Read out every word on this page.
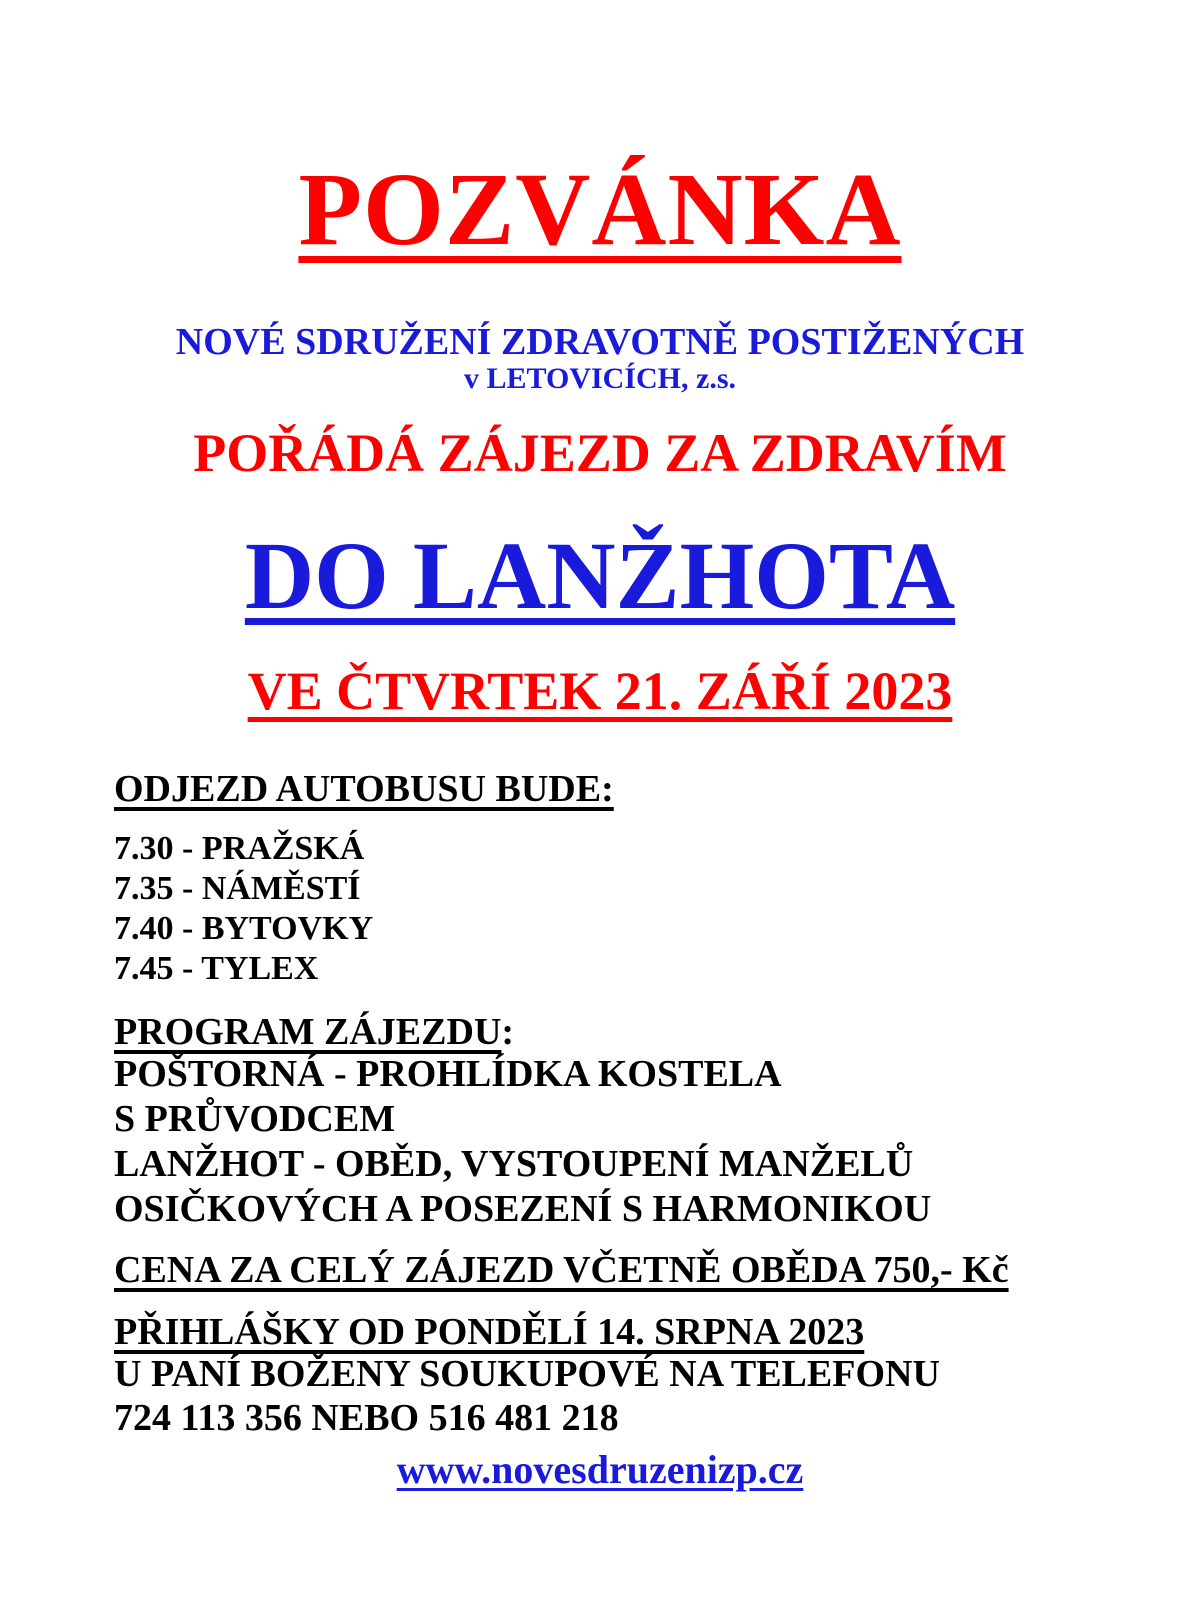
POZVÁNKA
NOVÉ SDRUŽENÍ ZDRAVOTNĚ POSTIŽENÝCH
v LETOVICÍCH, z.s.
POŘÁDÁ ZÁJEZD ZA ZDRAVÍM
DO LANŽHOTA
VE ČTVRTEK 21. ZÁŘÍ 2023
ODJEZD AUTOBUSU BUDE:
7.30 - PRAŽSKÁ
7.35 - NÁMĚSTÍ
7.40 - BYTOVKY
7.45 - TYLEX
PROGRAM ZÁJEZDU:
POŠTORNÁ - PROHLÍDKA KOSTELA
S PRŮVODCEM
LANŽHOT - OBĚD, VYSTOUPENÍ MANŽELŮ
OSIČKOVÝCH A POSEZENÍ S HARMONIKOU
CENA ZA CELÝ ZÁJEZD VČETNĚ OBĚDA 750,- Kč
PŘIHLÁŠKY OD PONDĚLÍ 14. SRPNA 2023
U PANÍ BOŽENY SOUKUPOVÉ NA TELEFONU
724 113 356 NEBO 516 481 218
www.novesdruzenizp.cz
